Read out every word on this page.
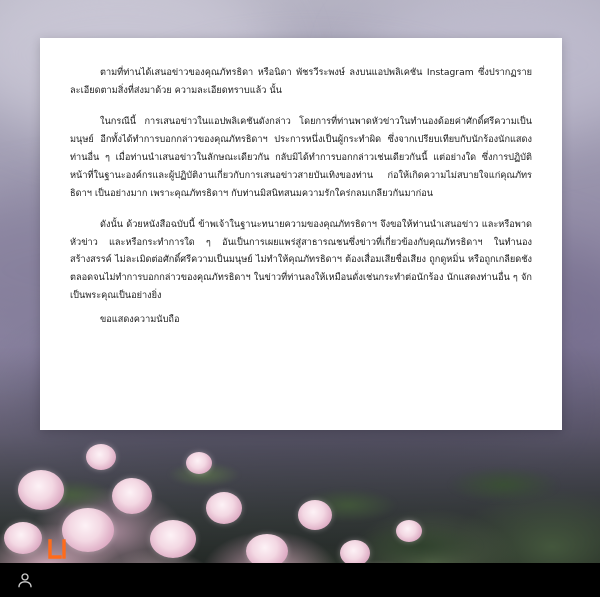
ตามที่ท่านได้เสนอข่าวของคุณภัทรธิดา หรือนิดา พัชรวีระพงษ์ ลงบนแอปพลิเคชัน Instagram ซึ่งปรากฏรายละเอียดตามสิ่งที่ส่งมาด้วย ความละเอียดทราบแล้ว นั้น

ในกรณีนี้ การเสนอข่าวในแอปพลิเคชันดังกล่าว โดยการที่ท่านพาดหัวข่าวในทำนองด้อยค่าศักดิ์ศรีความเป็นมนุษย์ อีกทั้งได้ทำการบอกกล่าวของคุณภัทรธิดาฯ ประการหนึ่งเป็นผู้กระทำผิด ซึ่งจากเปรียบเทียบกับนักร้องนักแสดงท่านอื่น ๆ เมื่อท่านนำเสนอข่าวในลักษณะเดียวกัน กลับมิได้ทำการบอกกล่าวเช่นเดียวกันนี้ แต่อย่างใด ซึ่งการปฏิบัติหน้าที่ในฐานะองค์กรและผู้ปฏิบัติงานเกี่ยวกับการเสนอข่าวสายบันเทิงของท่าน ก่อให้เกิดความไม่สบายใจแก่คุณภัทรธิดาฯ เป็นอย่างมาก เพราะคุณภัทรธิดาฯ กับท่านมิสนิทสนมความรักใคร่กลมเกลียวกันมาก่อน

ดังนั้น ด้วยหนังสือฉบับนี้ ข้าพเจ้าในฐานะทนายความของคุณภัทรธิดาฯ จึงขอให้ท่านนำเสนอข่าว และหรือพาดหัวข่าว และหรือกระทำการใด ๆ อันเป็นการเผยแพร่สู่สาธารณชนซึ่งข่าวที่เกี่ยวข้องกับคุณภัทรธิดาฯ ในทำนองสร้างสรรค์ ไม่ละเมิดต่อศักดิ์ศรีความเป็นมนุษย์ ไม่ทำให้คุณภัทรธิดาฯ ต้องเสื่อมเสียชื่อเสียง ถูกดูหมิ่น หรือถูกเกลียดชัง ตลอดจนไม่ทำการบอกกล่าวของคุณภัทรธิดาฯ ในข่าวที่ท่านลงให้เหมือนดั่งเช่นกระทำต่อนักร้อง นักแสดงท่านอื่น ๆ จักเป็นพระคุณเป็นอย่างยิ่ง

ขอแสดงความนับถือ
